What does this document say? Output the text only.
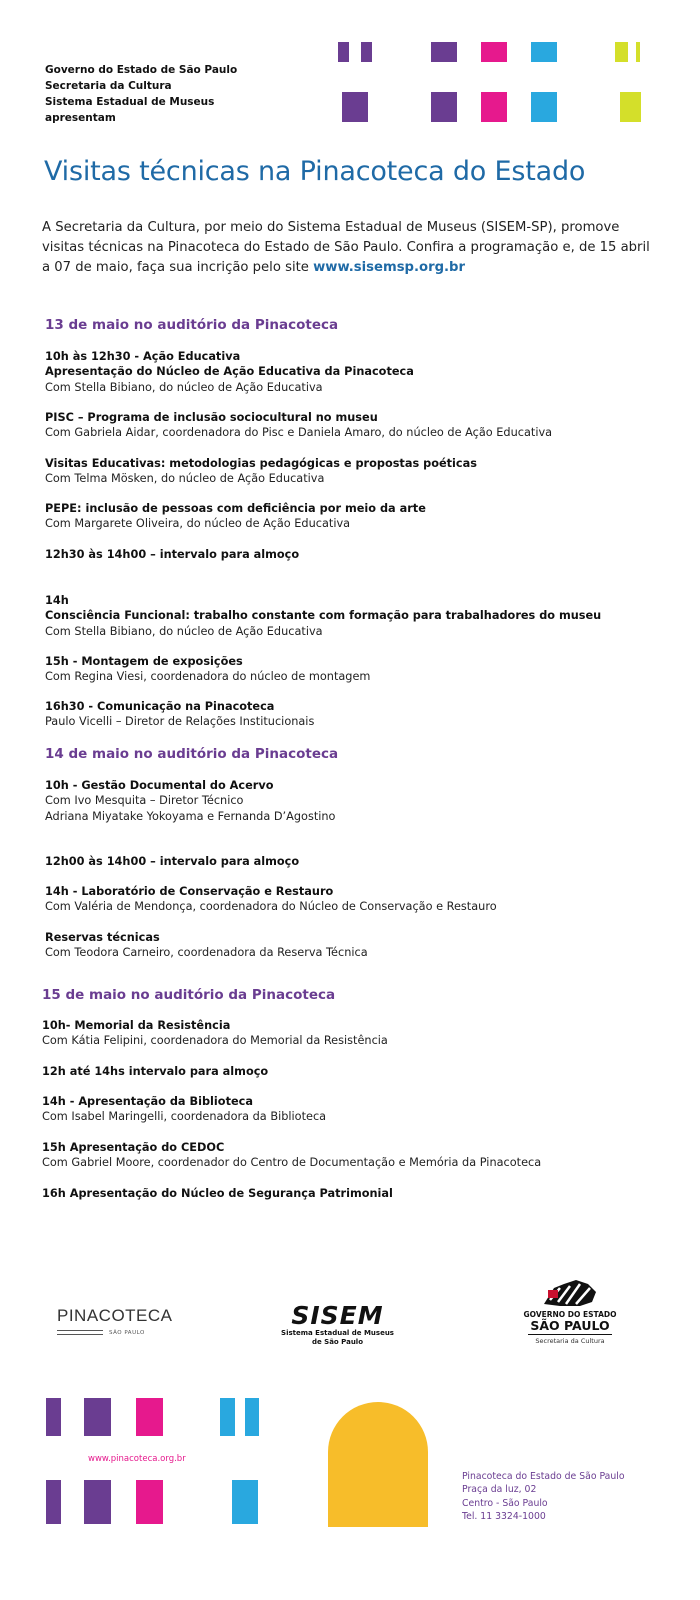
Governo do Estado de São Paulo
Secretaria da Cultura
Sistema Estadual de Museus
apresentam
Visitas técnicas na Pinacoteca do Estado
A Secretaria da Cultura, por meio do Sistema Estadual de Museus (SISEM-SP), promove visitas técnicas na Pinacoteca do Estado de São Paulo. Confira a programação e, de 15 abril a 07 de maio, faça sua incrição pelo site www.sisemsp.org.br
13 de maio no auditório da Pinacoteca
10h às 12h30 - Ação Educativa
Apresentação do Núcleo de Ação Educativa da Pinacoteca
Com Stella Bibiano, do núcleo de Ação Educativa
PISC – Programa de inclusão sociocultural no museu
Com Gabriela Aidar, coordenadora do Pisc e Daniela Amaro, do núcleo de Ação Educativa
Visitas Educativas: metodologias pedagógicas e propostas poéticas
Com Telma Mösken, do núcleo de Ação Educativa
PEPE: inclusão de pessoas com deficiência por meio da arte
Com Margarete Oliveira, do núcleo de Ação Educativa
12h30 às 14h00 – intervalo para almoço
14h
Consciência Funcional: trabalho constante com formação para trabalhadores do museu
Com Stella Bibiano, do núcleo de Ação Educativa
15h - Montagem de exposições
Com Regina Viesi, coordenadora do núcleo de montagem
16h30 - Comunicação na Pinacoteca
Paulo Vicelli – Diretor de Relações Institucionais
14 de maio no auditório da Pinacoteca
10h - Gestão Documental do Acervo
Com Ivo Mesquita – Diretor Técnico
Adriana Miyatake Yokoyama e Fernanda D’Agostino
12h00 às 14h00 – intervalo para almoço
14h - Laboratório de Conservação e Restauro
Com Valéria de Mendonça, coordenadora do Núcleo de Conservação e Restauro
Reservas técnicas
Com Teodora Carneiro, coordenadora da Reserva Técnica
15 de maio no auditório da Pinacoteca
10h- Memorial da Resistência
Com Kátia Felipini, coordenadora do Memorial da Resistência
12h até 14hs intervalo para almoço
14h - Apresentação da Biblioteca
Com Isabel Maringelli, coordenadora da Biblioteca
15h Apresentação do CEDOC
Com Gabriel Moore, coordenador do Centro de Documentação e Memória da Pinacoteca
16h Apresentação do Núcleo de Segurança Patrimonial
PINACOTECA
SÃO PAULO
SISEM
Sistema Estadual de Museus
de São Paulo
GOVERNO DO ESTADO
SÃO PAULO
Secretaria da Cultura
www.pinacoteca.org.br
Pinacoteca do Estado de São Paulo
Praça da luz, 02
Centro - São Paulo
Tel. 11 3324-1000
